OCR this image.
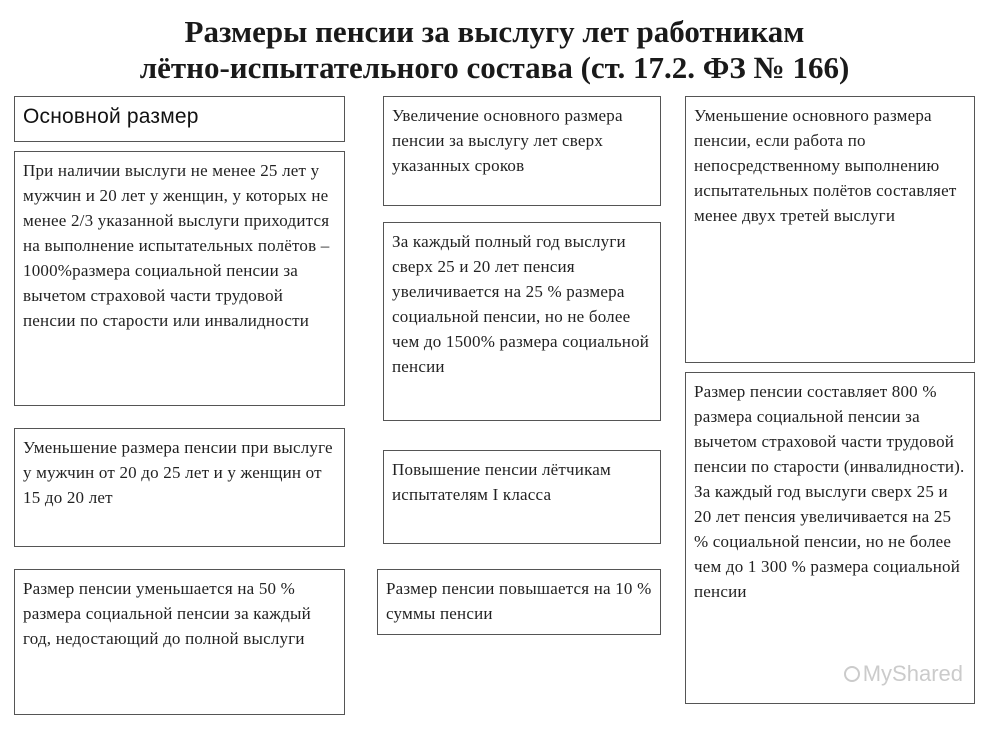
Размеры пенсии за выслугу лет работникам
лётно-испытательного состава (ст. 17.2. ФЗ № 166)
Основной размер
При наличии выслуги не менее 25 лет у мужчин и 20 лет у женщин, у которых не менее 2/3 указанной выслуги приходится на выполнение испытательных полётов – 1000%размера социальной пенсии за вычетом страховой части трудовой пенсии по старости или инвалидности
Уменьшение размера пенсии при выслуге у мужчин от 20 до 25 лет и у женщин от 15 до 20 лет
Размер пенсии уменьшается на 50 % размера социальной пенсии за каждый год, недостающий до полной выслуги
Увеличение основного размера пенсии за выслугу лет сверх указанных сроков
За каждый полный год выслуги сверх 25 и 20 лет пенсия увеличивается на 25 % размера социальной пенсии, но не более чем до 1500% размера социальной пенсии
Повышение пенсии лётчикам испытателям I класса
Размер пенсии повышается на 10 % суммы пенсии
Уменьшение основного размера пенсии, если работа по непосредственному выполнению испытательных полётов составляет менее двух третей выслуги
Размер пенсии составляет 800 % размера социальной пенсии за вычетом страховой части трудовой пенсии по старости (инвалидности).
За каждый год выслуги сверх 25 и 20 лет пенсия увеличивается на 25 % социальной пенсии, но не более чем до 1 300 % размера социальной пенсии
MyShared
